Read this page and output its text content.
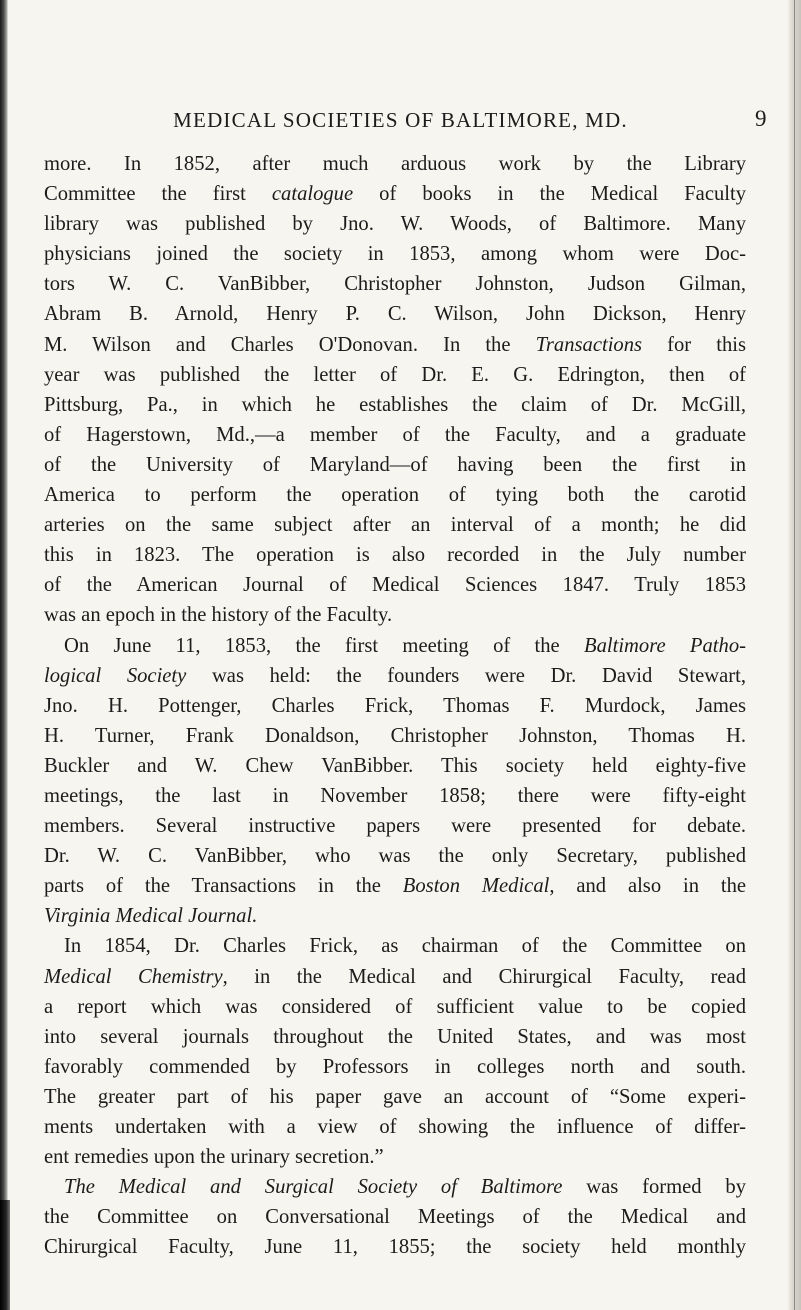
MEDICAL SOCIETIES OF BALTIMORE, MD.	9
more. In 1852, after much arduous work by the Library
Committee the first catalogue of books in the Medical Faculty
library was published by Jno. W. Woods, of Baltimore. Many
physicians joined the society in 1853, among whom were Doc-
tors W. C. VanBibber, Christopher Johnston, Judson Gilman,
Abram B. Arnold, Henry P. C. Wilson, John Dickson, Henry
M. Wilson and Charles O'Donovan. In the Transactions for this
year was published the letter of Dr. E. G. Edrington, then of
Pittsburg, Pa., in which he establishes the claim of Dr. McGill,
of Hagerstown, Md.,—a member of the Faculty, and a graduate
of the University of Maryland—of having been the first in
America to perform the operation of tying both the carotid
arteries on the same subject after an interval of a month; he did
this in 1823. The operation is also recorded in the July number
of the American Journal of Medical Sciences 1847. Truly 1853
was an epoch in the history of the Faculty.
On June 11, 1853, the first meeting of the Baltimore Patho-
logical Society was held: the founders were Dr. David Stewart,
Jno. H. Pottenger, Charles Frick, Thomas F. Murdock, James
H. Turner, Frank Donaldson, Christopher Johnston, Thomas H.
Buckler and W. Chew VanBibber. This society held eighty-five
meetings, the last in November 1858; there were fifty-eight
members. Several instructive papers were presented for debate.
Dr. W. C. VanBibber, who was the only Secretary, published
parts of the Transactions in the Boston Medical, and also in the
Virginia Medical Journal.
In 1854, Dr. Charles Frick, as chairman of the Committee on
Medical Chemistry, in the Medical and Chirurgical Faculty, read
a report which was considered of sufficient value to be copied
into several journals throughout the United States, and was most
favorably commended by Professors in colleges north and south.
The greater part of his paper gave an account of “Some experi-
ments undertaken with a view of showing the influence of differ-
ent remedies upon the urinary secretion.”
The Medical and Surgical Society of Baltimore was formed by
the Committee on Conversational Meetings of the Medical and
Chirurgical Faculty, June 11, 1855; the society held monthly
